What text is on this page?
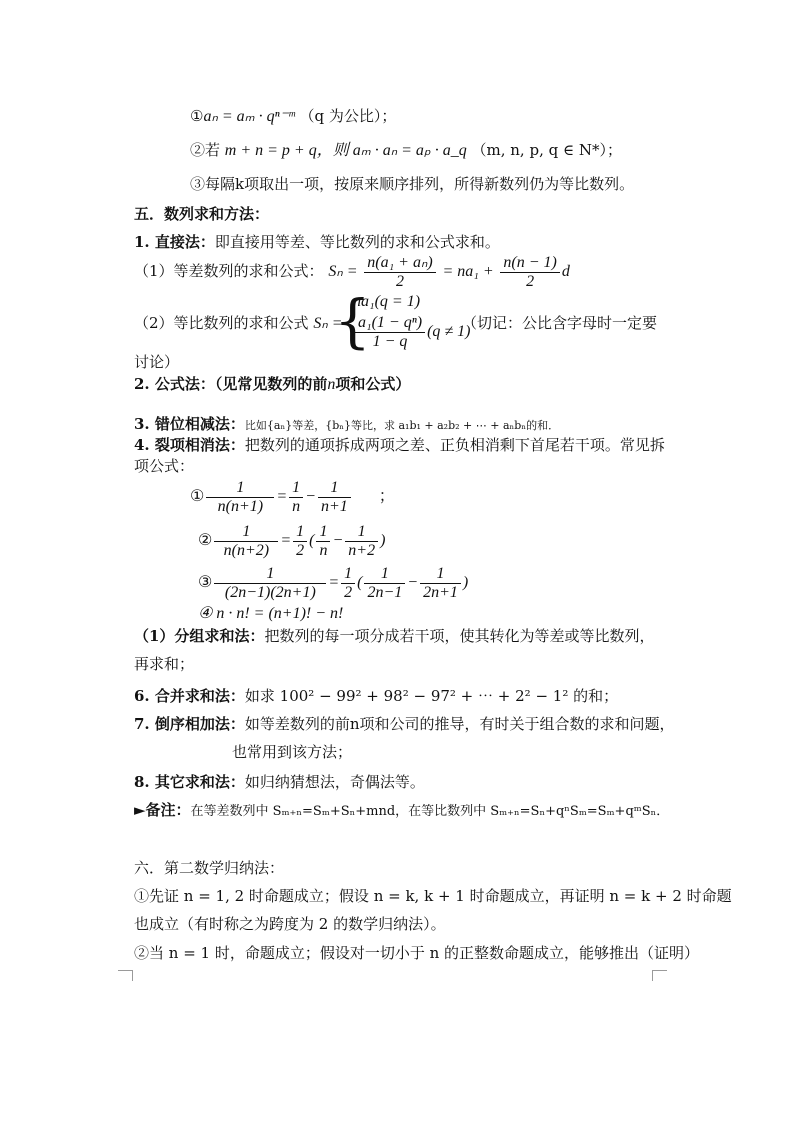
①aₙ = aₘ · qⁿ⁻ᵐ （q 为公比）；
②若 m + n = p + q，则 aₘ · aₙ = aₚ · a_q （m, n, p, q ∈ N*）；
③每隔k项取出一项，按原来顺序排列，所得新数列仍为等比数列。
五．数列求和方法：
1. 直接法：即直接用等差、等比数列的求和公式求和。
（1）等差数列的求和公式： $S_n = \frac{\text{n(a₁ + aₙ)}}{2} = na_1 + \frac{n(n - 1)}{2}$ d
（2）等比数列的求和公式 Sₙ =
{
na₁(q = 1)
$\frac{\text{a₁(1 − qⁿ)}}{1 - q} (q \ne 1)$
（切记：公比含字母时一定要
讨论）
2. 公式法：（见常见数列的前n项和公式）
3. 错位相减法：比如{aₙ}等差，{bₙ}等比，求 a₁b₁ + a₂b₂ + ⋯ + aₙbₙ的和．
4. 裂项相消法：把数列的通项拆成两项之差、正负相消剩下首尾若干项。常见拆
项公式：
① $\frac{1}{n(n+1)} = \frac{1}{n} - \frac{1}{n+1}$ ；
② $\frac{1}{n(n+2)} = \frac{1}{2}$ ( $\frac{1}{n} - \frac{1}{n+2}$ )
③ $\frac{1}{(2n-1)(2n+1)} = \frac{1}{2}$ ( $\frac{1}{2n-1} - \frac{1}{2n+1}$ )
④ n · n! = (n+1)! − n!
（1）分组求和法：把数列的每一项分成若干项，使其转化为等差或等比数列，
再求和；
6. 合并求和法：如求 100² − 99² + 98² − 97² + ⋯ + 2² − 1² 的和；
7. 倒序相加法：如等差数列的前n项和公司的推导，有时关于组合数的求和问题，
也常用到该方法；
8. 其它求和法：如归纳猜想法，奇偶法等。
►备注：在等差数列中 Sₘ₊ₙ=Sₘ+Sₙ+mnd，在等比数列中 Sₘ₊ₙ=Sₙ+qⁿSₘ=Sₘ+qᵐSₙ．
六．第二数学归纳法：
①先证 n = 1, 2 时命题成立；假设 n = k, k + 1 时命题成立，再证明 n = k + 2 时命题
也成立（有时称之为跨度为 2 的数学归纳法）。
②当 n = 1 时，命题成立；假设对一切小于 n 的正整数命题成立，能够推出（证明）
